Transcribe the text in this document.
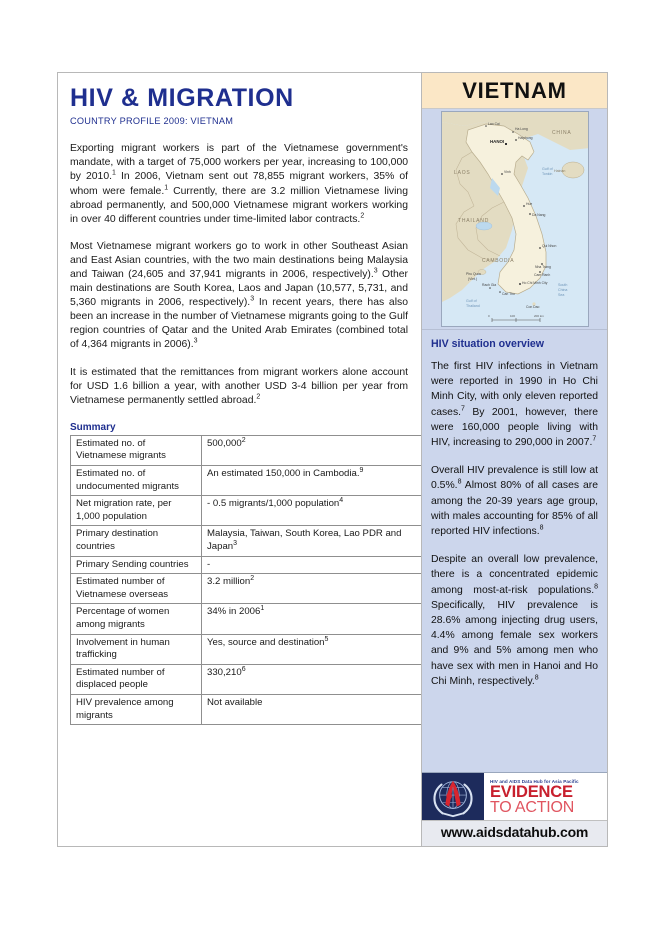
HIV & MIGRATION
COUNTRY PROFILE 2009: VIETNAM

Exporting migrant workers is part of the Vietnamese government's mandate, with a target of 75,000 workers per year, increasing to 100,000 by 2010.$^1$ In 2006, Vietnam sent out 78,855 migrant workers, 35% of whom were female.$^1$ Currently, there are 3.2 million Vietnamese living abroad permanently, and 500,000 Vietnamese migrant workers working in over 40 different countries under time-limited labor contracts.$^2$

Most Vietnamese migrant workers go to work in other Southeast Asian and East Asian countries, with the two main destinations being Malaysia and Taiwan (24,605 and 37,941 migrants in 2006, respectively).$^3$ Other main destinations are South Korea, Laos and Japan (10,577, 5,731, and 5,360 migrants in 2006, respectively).$^3$ In recent years, there has also been an increase in the number of Vietnamese migrants going to the Gulf region countries of Qatar and the United Arab Emirates (combined total of 4,364 migrants in 2006).$^3$

It is estimated that the remittances from migrant workers alone account for USD 1.6 billion a year, with another USD 3-4 billion per year from Vietnamese permanently settled abroad.$^2$

Summary
Estimated no. of Vietnamese migrants	500,000$^2$
Estimated no. of undocumented migrants	An estimated 150,000 in Cambodia.$^9$
Net migration rate, per 1,000 population	- 0.5 migrants/1,000 population$^4$
Primary destination countries	Malaysia, Taiwan, South Korea, Lao PDR and Japan$^3$
Primary Sending countries	-
Estimated number of Vietnamese overseas	3.2 million$^2$
Percentage of women among migrants	34% in 2006$^1$
Involvement in human trafficking	Yes, source and destination$^5$
Estimated number of displaced people	330,210$^6$
HIV prevalence among migrants	Not available
VIETNAM
CHINA
LAOS
THAILAND
CAMBODIA
Hainan
HANOI
Haiphong
Ha Long
Lao Cai
Vinh
Hue
Da Nang
Qui Nhon
Nha Trang
Cam Ranh
Ho Chi Minh City
Can Tho
Rach Gia
Phu Quoc
(Viet.)
Gulf of
Tonkin
South
China
Sea
Gulf of
Thailand	Con Dao
0	100	200 km
HIV situation overview

The first HIV infections in Vietnam were reported in 1990 in Ho Chi Minh City, with only eleven reported cases.$^7$ By 2001, however, there were 160,000 people living with HIV, increasing to 290,000 in 2007.$^7$

Overall HIV prevalence is still low at 0.5%.$^8$ Almost 80% of all cases are among the 20-39 years age group, with males accounting for 85% of all reported HIV infections.$^8$

Despite an overall low prevalence, there is a concentrated epidemic among most-at-risk populations.$^8$ Specifically, HIV prevalence is 28.6% among injecting drug users, 4.4% among female sex workers and 9% and 5% among men who have sex with men in Hanoi and Ho Chi Minh, respectively.$^8$

HIV and AIDS Data Hub for Asia Pacific
EVIDENCE
TO ACTION
www.aidsdatahub.com
